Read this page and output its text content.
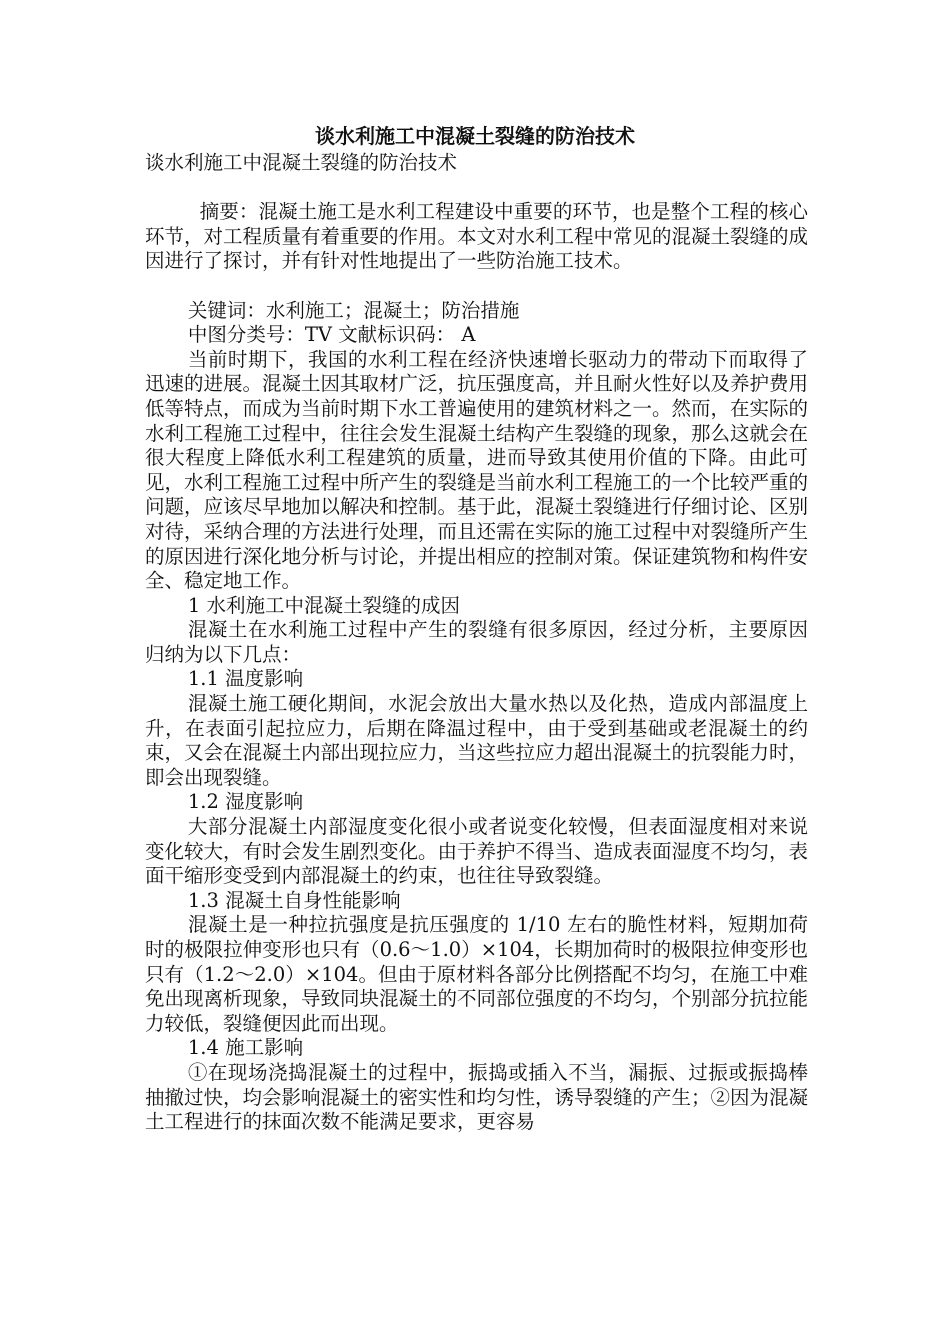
谈水利施工中混凝土裂缝的防治技术

谈水利施工中混凝土裂缝的防治技术

摘要：混凝土施工是水利工程建设中重要的环节，也是整个工程的核心环节，对工程质量有着重要的作用。本文对水利工程中常见的混凝土裂缝的成因进行了探讨，并有针对性地提出了一些防治施工技术。

关键词：水利施工；混凝土；防治措施

中图分类号：TV 文献标识码： A

当前时期下，我国的水利工程在经济快速增长驱动力的带动下而取得了迅速的进展。混凝土因其取材广泛，抗压强度高，并且耐火性好以及养护费用低等特点，而成为当前时期下水工普遍使用的建筑材料之一。然而，在实际的水利工程施工过程中，往往会发生混凝土结构产生裂缝的现象，那么这就会在很大程度上降低水利工程建筑的质量，进而导致其使用价值的下降。由此可见，水利工程施工过程中所产生的裂缝是当前水利工程施工的一个比较严重的问题，应该尽早地加以解决和控制。基于此，混凝土裂缝进行仔细讨论、区别对待，采纳合理的方法进行处理，而且还需在实际的施工过程中对裂缝所产生的原因进行深化地分析与讨论，并提出相应的控制对策。保证建筑物和构件安全、稳定地工作。

1 水利施工中混凝土裂缝的成因

混凝土在水利施工过程中产生的裂缝有很多原因，经过分析，主要原因归纳为以下几点：

1.1 温度影响

混凝土施工硬化期间，水泥会放出大量水热以及化热，造成内部温度上升，在表面引起拉应力，后期在降温过程中，由于受到基础或老混凝土的约束，又会在混凝土内部出现拉应力，当这些拉应力超出混凝土的抗裂能力时，即会出现裂缝。

1.2 湿度影响

大部分混凝土内部湿度变化很小或者说变化较慢，但表面湿度相对来说变化较大，有时会发生剧烈变化。由于养护不得当、造成表面湿度不均匀，表面干缩形变受到内部混凝土的约束，也往往导致裂缝。

1.3 混凝土自身性能影响

混凝土是一种拉抗强度是抗压强度的 1/10 左右的脆性材料，短期加荷时的极限拉伸变形也只有（0.6～1.0）×104，长期加荷时的极限拉伸变形也只有（1.2～2.0）×104。但由于原材料各部分比例搭配不均匀，在施工中难免出现离析现象，导致同块混凝土的不同部位强度的不均匀，个别部分抗拉能力较低，裂缝便因此而出现。

1.4 施工影响

①在现场浇捣混凝土的过程中，振捣或插入不当，漏振、过振或振捣棒抽撤过快，均会影响混凝土的密实性和均匀性，诱导裂缝的产生；②因为混凝土工程进行的抹面次数不能满足要求，更容易
